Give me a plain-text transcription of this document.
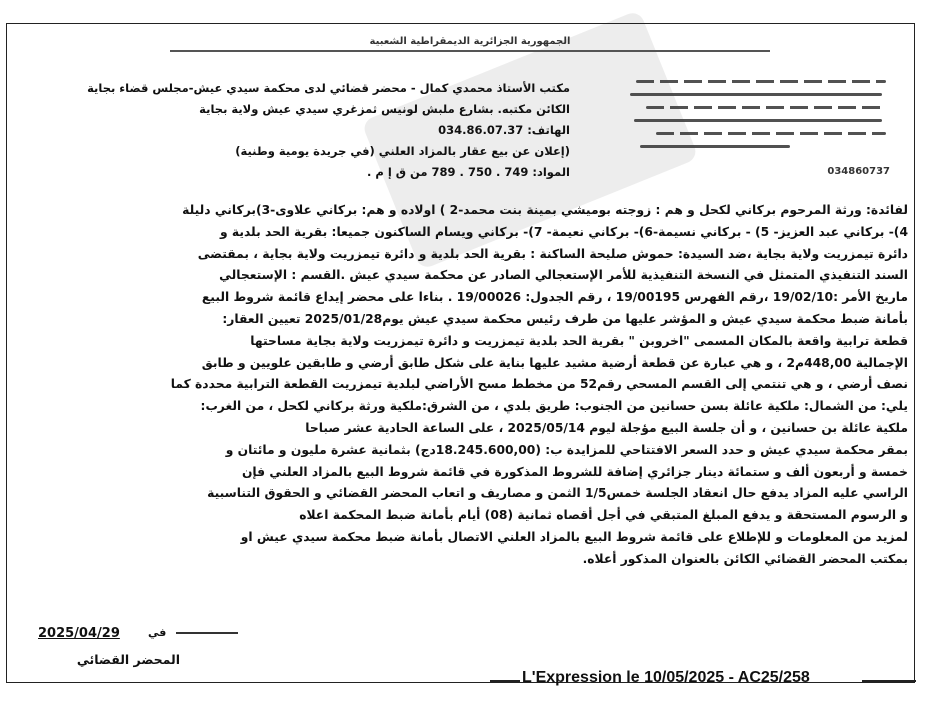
الجمهورية الجزائرية الديمقراطية الشعبية
مكتب الأستاذ محمدي كمال - محضر قضائي لدى محكمة سيدي عيش-مجلس قضاء بجاية
الكائن مكتبه. بشارع ملبش لونيس ثمزغري سيدي عيش ولاية بجاية
الهاتف: 034.86.07.37
(إعلان عن بيع عقار بالمزاد العلني (في جريدة يومية وطنية)
المواد: 749 . 750 . 789 من ق إ م .	034860737
لفائدة: ورثة المرحوم بركاني لكحل و هم : زوجته بوميشي بمينة بنت محمد-2 ) اولاده و هم: بركاني علاوى-3)بركاني دليلة
4)- بركاني عبد العزيز- 5) - بركاني نسيمة-6)- بركاني نعيمة- 7)- بركاني ويسام الساكنون جميعا: بقرية الحد بلدية و
دائرة تيمزريت ولاية بجاية ،ضد السيدة: حموش صليحة الساكنة : بقرية الحد بلدية و دائرة تيمزريت ولاية بجاية ، بمقتضى
السند التنفيذي المتمثل في النسخة التنفيذية للأمر الإستعجالي الصادر عن محكمة سيدي عيش .القسم : الإستعجالي
ماريخ الأمر :19/02/10 ،رقم الفهرس 19/00195 ، رقم الجدول: 19/00026 . بناءا على محضر إيداع قائمة شروط البيع
بأمانة ضبط محكمة سيدي عيش و المؤشر عليها من طرف رئيس محكمة سيدي عيش يوم2025/01/28 تعيين العقار:
قطعة ترابية واقعة بالمكان المسمى "اخروبن " بقرية الحد بلدية تيمزريت و دائرة تيمزريت ولاية بجاية مساحتها
الإجمالية 448,00م2 ، و هي عبارة عن قطعة أرضية مشيد عليها بناية على شكل طابق أرضي و طابقين علويين و طابق
نصف أرضي ، و هي تنتمي إلى القسم المسحي رقم52 من مخطط مسح الأراضي لبلدية تيمزريت القطعة الترابية محددة كما
يلي: من الشمال: ملكية عائلة بسن حسانين من الجنوب: طريق بلدي ، من الشرق:ملكية ورثة بركاني لكحل ، من الغرب:
ملكية عائلة بن حسانين ، و أن جلسة البيع مؤجلة ليوم 2025/05/14 ، على الساعة الحادية عشر صباحا
بمقر محكمة سيدي عيش و حدد السعر الافتتاحي للمزايدة ب: (18.245.600,00دج) بثمانية عشرة مليون و مائتان و
خمسة و أربعون ألف و ستمائة دينار جزائري إضافة للشروط المذكورة في قائمة شروط البيع بالمزاد العلني فإن
الراسي عليه المزاد يدفع حال انعقاد الجلسة خمس1/5 الثمن و مصاريف و اتعاب المحضر القضائي و الحقوق التناسبية
و الرسوم المستحقة و يدفع المبلغ المتبقي في أجل أقصاه ثمانية (08) أيام بأمانة ضبط المحكمة اعلاه
لمزيد من المعلومات و للإطلاع على قائمة شروط البيع بالمزاد العلني الاتصال بأمانة ضبط محكمة سيدي عيش او
بمكتب المحضر القضائي الكائن بالعنوان المذكور أعلاه.
2025/04/29	في
المحضر القضائي
L'Expression le 10/05/2025 - AC25/258
